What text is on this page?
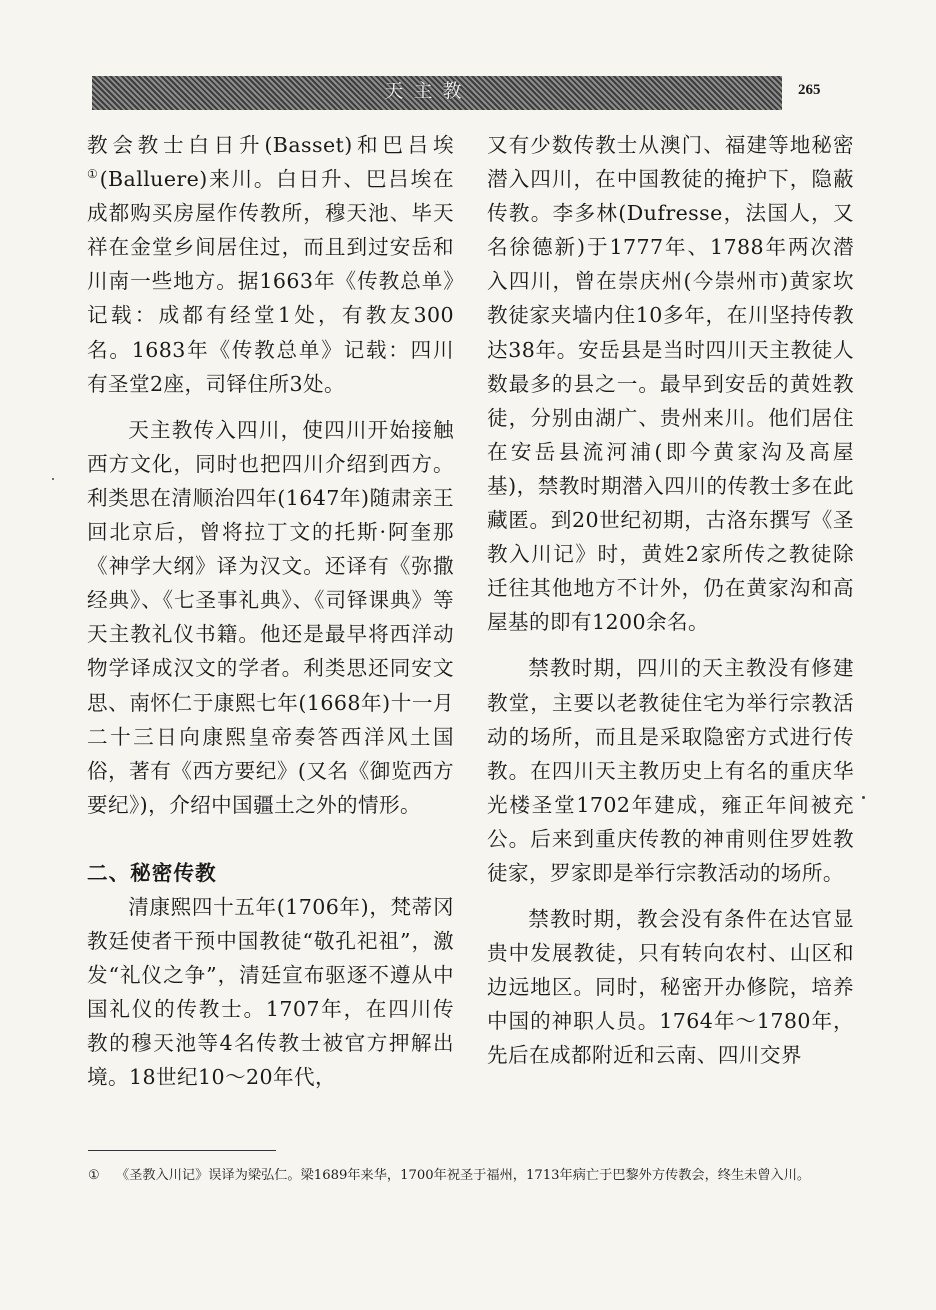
天主教	265

教会教士白日升(Basset)和巴吕埃①(Balluere)来川。白日升、巴吕埃在成都购买房屋作传教所，穆天池、毕天祥在金堂乡间居住过，而且到过安岳和川南一些地方。据1663年《传教总单》记载：成都有经堂1处，有教友300名。1683年《传教总单》记载：四川有圣堂2座，司铎住所3处。

天主教传入四川，使四川开始接触西方文化，同时也把四川介绍到西方。利类思在清顺治四年(1647年)随肃亲王回北京后，曾将拉丁文的托斯·阿奎那《神学大纲》译为汉文。还译有《弥撒经典》、《七圣事礼典》、《司铎课典》等天主教礼仪书籍。他还是最早将西洋动物学译成汉文的学者。利类思还同安文思、南怀仁于康熙七年(1668年)十一月二十三日向康熙皇帝奏答西洋风土国俗，著有《西方要纪》(又名《御览西方要纪》)，介绍中国疆土之外的情形。

二、秘密传教

清康熙四十五年(1706年)，梵蒂冈教廷使者干预中国教徒“敬孔祀祖”，激发“礼仪之争”，清廷宣布驱逐不遵从中国礼仪的传教士。1707年，在四川传教的穆天池等4名传教士被官方押解出境。18世纪10～20年代，

又有少数传教士从澳门、福建等地秘密潜入四川，在中国教徒的掩护下，隐蔽传教。李多林(Dufresse，法国人，又名徐德新)于1777年、1788年两次潜入四川，曾在崇庆州(今崇州市)黄家坎教徒家夹墙内住10多年，在川坚持传教达38年。安岳县是当时四川天主教徒人数最多的县之一。最早到安岳的黄姓教徒，分别由湖广、贵州来川。他们居住在安岳县流河浦(即今黄家沟及高屋基)，禁教时期潜入四川的传教士多在此藏匿。到20世纪初期，古洛东撰写《圣教入川记》时，黄姓2家所传之教徒除迁往其他地方不计外，仍在黄家沟和高屋基的即有1200余名。

禁教时期，四川的天主教没有修建教堂，主要以老教徒住宅为举行宗教活动的场所，而且是采取隐密方式进行传教。在四川天主教历史上有名的重庆华光楼圣堂1702年建成，雍正年间被充公。后来到重庆传教的神甫则住罗姓教徒家，罗家即是举行宗教活动的场所。

禁教时期，教会没有条件在达官显贵中发展教徒，只有转向农村、山区和边远地区。同时，秘密开办修院，培养中国的神职人员。1764年～1780年，先后在成都附近和云南、四川交界

① 《圣教入川记》误译为梁弘仁。梁1689年来华，1700年祝圣于福州，1713年病亡于巴黎外方传教会，终生未曾入川。
